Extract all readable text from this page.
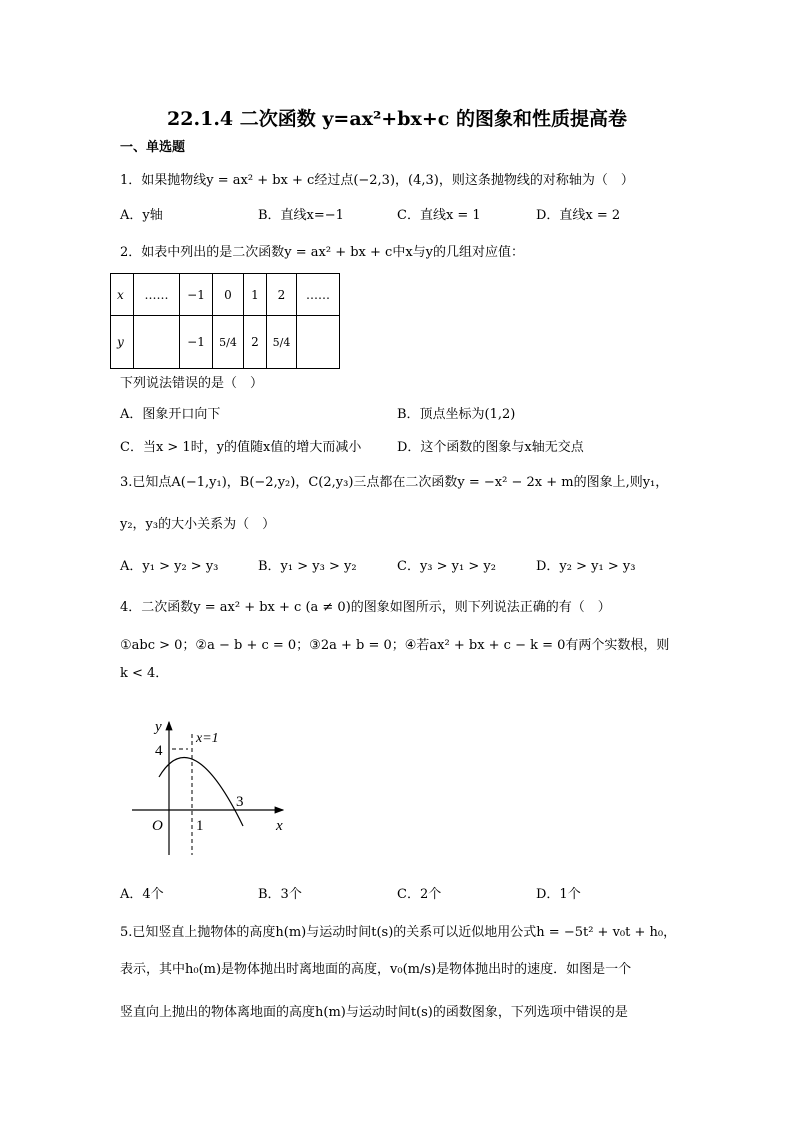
22.1.4 二次函数 y=ax²+bx+c 的图象和性质提高卷
一、单选题
1．如果抛物线y = ax² + bx + c经过点(−2,3)，(4,3)，则这条抛物线的对称轴为（　）
A．y轴	B．直线x=−1	C．直线x = 1	D．直线x = 2
2．如表中列出的是二次函数y = ax² + bx + c中x与y的几组对应值：
x	……	−1	0	1	2	……
y		−1	5/4	2	5/4	
下列说法错误的是（　）
A．图象开口向下	B．顶点坐标为(1,2)
C．当x > 1时，y的值随x值的增大而减小	D．这个函数的图象与x轴无交点
3.已知点A(−1,y₁)，B(−2,y₂)，C(2,y₃)三点都在二次函数y = −x² − 2x + m的图象上,则y₁，
y₂，y₃的大小关系为（　）
A．y₁ > y₂ > y₃	B．y₁ > y₃ > y₂	C．y₃ > y₁ > y₂	D．y₂ > y₁ > y₃
4．二次函数y = ax² + bx + c (a ≠ 0)的图象如图所示，则下列说法正确的有（　）
①abc > 0；②a − b + c = 0；③2a + b = 0；④若ax² + bx + c − k = 0有两个实数根，则
k < 4．
y
x
O
4
x=1
1
3
A．4个	B．3个	C．2个	D．1个
5.已知竖直上抛物体的高度h(m)与运动时间t(s)的关系可以近似地用公式h = −5t² + v₀t + h₀，
表示，其中h₀(m)是物体抛出时离地面的高度，v₀(m/s)是物体抛出时的速度．如图是一个
竖直向上抛出的物体离地面的高度h(m)与运动时间t(s)的函数图象，下列选项中错误的是
